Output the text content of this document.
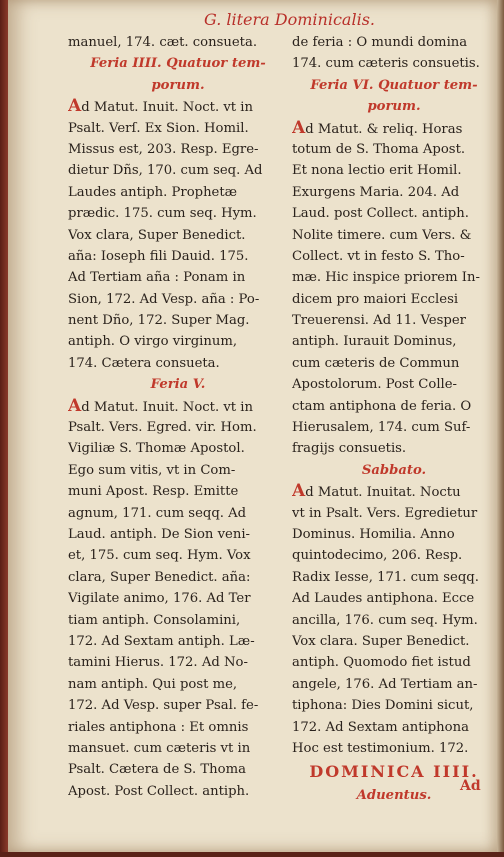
G. litera Dominicalis.
manuel, 174. cæt. consueta.
Feria IIII. Quatuor tem-
porum.
Ad Matut. Inuit. Noct. vt in
Psalt. Verſ. Ex Sion. Homil.
Missus est, 203. Resp. Egre-
dietur Dñs, 170. cum seq. Ad
Laudes antiph. Prophetæ
prædic. 175. cum seq. Hym.
Vox clara, Super Benedict.
aña: Ioseph fili Dauid. 175.
Ad Tertiam aña : Ponam in
Sion, 172. Ad Vesp. aña : Po-
nent Dño, 172. Super Mag.
antiph. O virgo virginum,
174. Cætera consueta.
Feria V.
Ad Matut. Inuit. Noct. vt in
Psalt. Vers. Egred. vir. Hom.
Vigiliæ S. Thomæ Apostol.
Ego sum vitis, vt in Com-
muni Apost. Resp. Emitte
agnum, 171. cum seqq. Ad
Laud. antiph. De Sion veni-
et, 175. cum seq. Hym. Vox
clara, Super Benedict. aña:
Vigilate animo, 176. Ad Ter
tiam antiph. Consolamini,
172. Ad Sextam antiph. Læ-
tamini Hierus. 172. Ad No-
nam antiph. Qui post me,
172. Ad Vesp. super Psal. fe-
riales antiphona : Et omnis
mansuet. cum cæteris vt in
Psalt. Cætera de S. Thoma
Apost. Post Collect. antiph.
de feria : O mundi domina
174. cum cæteris consuetis.
Feria VI. Quatuor tem-
porum.
Ad Matut. & reliq. Horas
totum de S. Thoma Apost.
Et nona lectio erit Homil.
Exurgens Maria. 204. Ad
Laud. post Collect. antiph.
Nolite timere. cum Vers. &
Collect. vt in festo S. Tho-
mæ. Hic inspice priorem In-
dicem pro maiori Ecclesi
Treuerensi. Ad 11. Vesper
antiph. Iurauit Dominus,
cum cæteris de Commun
Apostolorum. Post Colle-
ctam antiphona de feria. O
Hierusalem, 174. cum Suf-
fragijs consuetis.
Sabbato.
Ad Matut. Inuitat. Noctu
vt in Psalt. Vers. Egredietur
Dominus. Homilia. Anno
quintodecimo, 206. Resp.
Radix Iesse, 171. cum seqq.
Ad Laudes antiphona. Ecce
ancilla, 176. cum seq. Hym.
Vox clara. Super Benedict.
antiph. Quomodo fiet istud
angele, 176. Ad Tertiam an-
tiphona: Dies Domini sicut,
172. Ad Sextam antiphona
Hoc est testimonium. 172.
DOMINICA IIII.
Aduentus.
Ad
